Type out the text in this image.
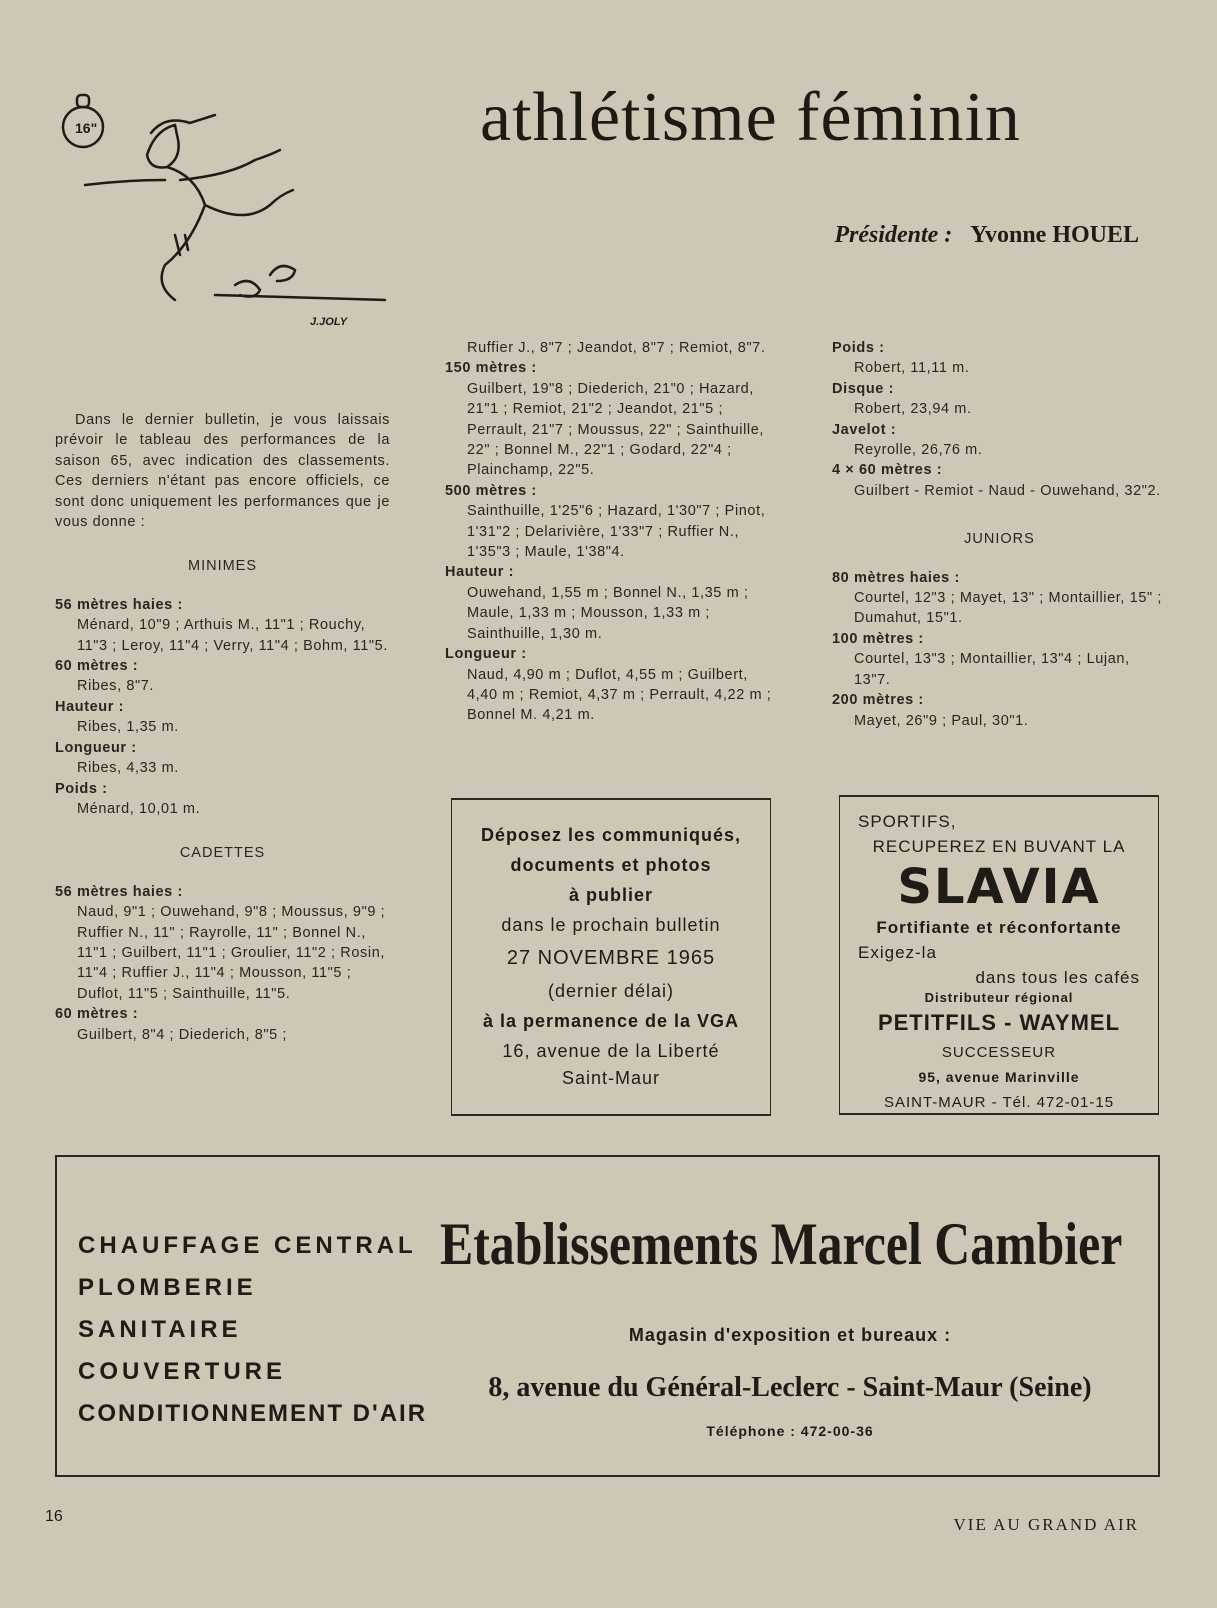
16"
J.JOLY
athlétisme féminin
Présidente : Yvonne HOUEL
Dans le dernier bulletin, je vous laissais prévoir le tableau des performances de la saison 65, avec indication des classements. Ces derniers n'étant pas encore officiels, ce sont donc uniquement les performances que je vous donne :
MINIMES
56 mètres haies :
Ménard, 10"9 ; Arthuis M., 11"1 ; Rouchy, 11"3 ; Leroy, 11"4 ; Verry, 11"4 ; Bohm, 11"5.
60 mètres :
Ribes, 8"7.
Hauteur :
Ribes, 1,35 m.
Longueur :
Ribes, 4,33 m.
Poids :
Ménard, 10,01 m.
CADETTES
56 mètres haies :
Naud, 9"1 ; Ouwehand, 9"8 ; Moussus, 9"9 ; Ruffier N., 11" ; Rayrolle, 11" ; Bonnel N., 11"1 ; Guilbert, 11"1 ; Groulier, 11"2 ; Rosin, 11"4 ; Ruffier J., 11"4 ; Mousson, 11"5 ; Duflot, 11"5 ; Sainthuille, 11"5.
60 mètres :
Guilbert, 8"4 ; Diederich, 8"5 ;
Ruffier J., 8"7 ; Jeandot, 8"7 ; Remiot, 8"7.
150 mètres :
Guilbert, 19"8 ; Diederich, 21"0 ; Hazard, 21"1 ; Remiot, 21"2 ; Jeandot, 21"5 ; Perrault, 21"7 ; Moussus, 22" ; Sainthuille, 22" ; Bonnel M., 22"1 ; Godard, 22"4 ; Plainchamp, 22"5.
500 mètres :
Sainthuille, 1'25"6 ; Hazard, 1'30"7 ; Pinot, 1'31"2 ; Delarivière, 1'33"7 ; Ruffier N., 1'35"3 ; Maule, 1'38"4.
Hauteur :
Ouwehand, 1,55 m ; Bonnel N., 1,35 m ; Maule, 1,33 m ; Mousson, 1,33 m ; Sainthuille, 1,30 m.
Longueur :
Naud, 4,90 m ; Duflot, 4,55 m ; Guilbert, 4,40 m ; Remiot, 4,37 m ; Perrault, 4,22 m ; Bonnel M. 4,21 m.
Poids :
Robert, 11,11 m.
Disque :
Robert, 23,94 m.
Javelot :
Reyrolle, 26,76 m.
4 × 60 mètres :
Guilbert - Remiot - Naud - Ouwehand, 32"2.
JUNIORS
80 mètres haies :
Courtel, 12"3 ; Mayet, 13" ; Montaillier, 15" ; Dumahut, 15"1.
100 mètres :
Courtel, 13"3 ; Montaillier, 13"4 ; Lujan, 13"7.
200 mètres :
Mayet, 26"9 ; Paul, 30"1.
Déposez les communiqués,
documents et photos
à publier
dans le prochain bulletin
27 NOVEMBRE 1965
(dernier délai)
à la permanence de la VGA
16, avenue de la Liberté
Saint-Maur
SPORTIFS,
RECUPEREZ EN BUVANT LA
SLAVIA
Fortifiante et réconfortante
Exigez-la
dans tous les cafés
Distributeur régional
PETITFILS - WAYMEL
SUCCESSEUR
95, avenue Marinville
SAINT-MAUR - Tél. 472-01-15
CHAUFFAGE CENTRAL
PLOMBERIE
SANITAIRE
COUVERTURE
CONDITIONNEMENT D'AIR
Etablissements Marcel Cambier
Magasin d'exposition et bureaux :
8, avenue du Général-Leclerc - Saint-Maur (Seine)
Téléphone : 472-00-36
16	VIE AU GRAND AIR
